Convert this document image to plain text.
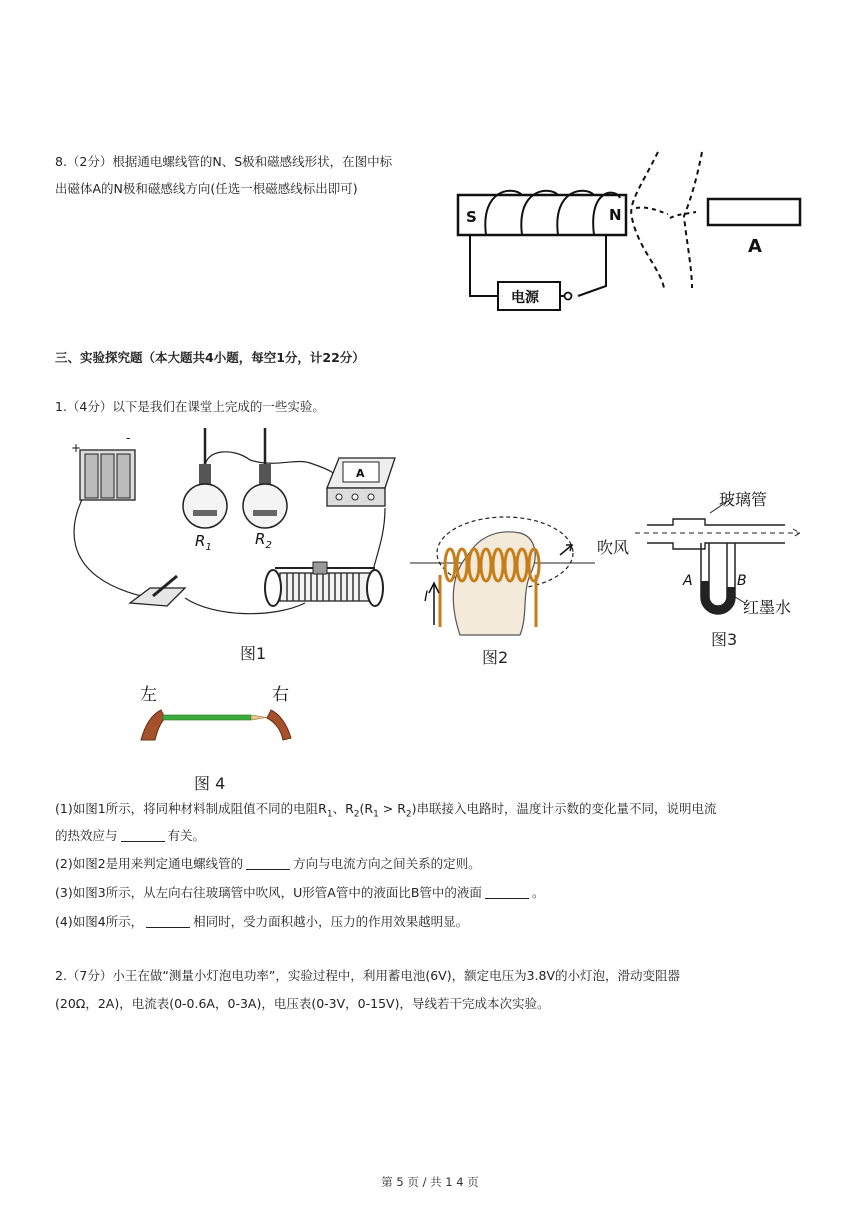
8.（2分）根据通电螺线管的N、S极和磁感线形状，在图中标
出磁体A的N极和磁感线方向(任选一根磁感线标出即可)
S	N
电源
A
三、实验探究题（本大题共4小题，每空1分，计22分）
1.（4分）以下是我们在课堂上完成的一些实验。
+
-
$R_1$	$R_2$
A
图1
I
图2
玻璃管
吹风
A	B
红墨水
图3
左	右
图 4
(1)如图1所示，将同种材料制成阻值不同的电阻$R_1$、$R_2(R_1 > R_2)$串联接入电路时，温度计示数的变化量不同，说明电流
的热效应与	有关。
(2)如图2是用来判定通电螺线管的	方向与电流方向之间关系的定则。
(3)如图3所示，从左向右往玻璃管中吹风，U形管A管中的液面比B管中的液面	。
(4)如图4所示，	相同时，受力面积越小，压力的作用效果越明显。
2.（7分）小王在做“测量小灯泡电功率”，实验过程中，利用蓄电池(6V)，额定电压为3.8V的小灯泡，滑动变阻器
(20Ω，2A)，电流表(0-0.6A，0-3A)，电压表(0-3V，0-15V)，导线若干完成本次实验。
第 5 页 / 共 1 4 页
